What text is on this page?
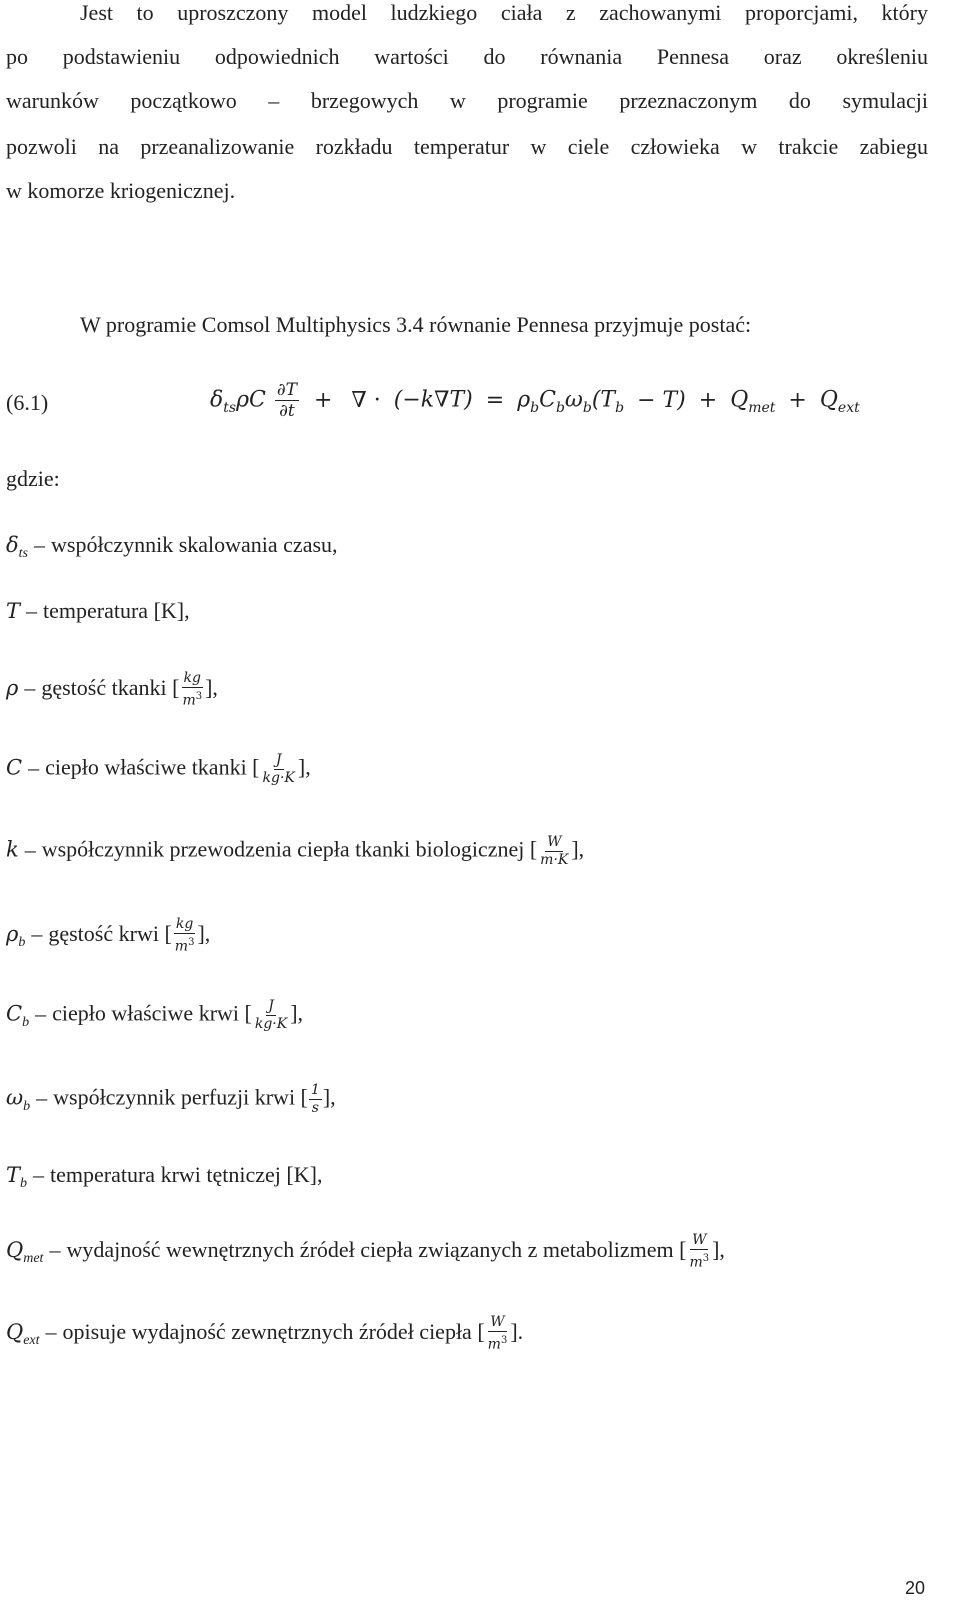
Jest to uproszczony model ludzkiego ciała z zachowanymi proporcjami, który
po podstawieniu odpowiednich wartości do równania Pennesa oraz określeniu
warunków początkowo – brzegowych w programie przeznaczonym do symulacji
pozwoli na przeanalizowanie rozkładu temperatur w ciele człowieka w trakcie zabiegu
w komorze kriogenicznej.
W programie Comsol Multiphysics 3.4 równanie Pennesa przyjmuje postać:
(6.1)	$\delta_{ts}\rho C \frac{\partial T}{\partial t}$ + ∇ · $(-k\nabla T) = \rho_bC_b\omega_b(T_b - T) + Q_{met} + Q_{ext}$
gdzie:
$\delta_{ts}$ – współczynnik skalowania czasu,
T – temperatura [K],
ρ – gęstość tkanki [ $\frac{kg}{m^3}$ ],
C – ciepło właściwe tkanki [ $\frac{J}{kg\cdot K}$ ],
k – współczynnik przewodzenia ciepła tkanki biologicznej [ $\frac{W}{m\cdot K}$ ],
$\rho_b$ – gęstość krwi [ $\frac{kg}{m^3}$ ],
$C_b$ – ciepło właściwe krwi [ $\frac{J}{kg\cdot K}$ ],
$\omega_b$ – współczynnik perfuzji krwi [ $\frac{1}{s}$ ],
$T_b$ – temperatura krwi tętniczej [K],
$Q_{met}$ – wydajność wewnętrznych źródeł ciepła związanych z metabolizmem [ $\frac{W}{m^3}$ ],
$Q_{ext}$ – opisuje wydajność zewnętrznych źródeł ciepła [ $\frac{W}{m^3}$ ].
20
